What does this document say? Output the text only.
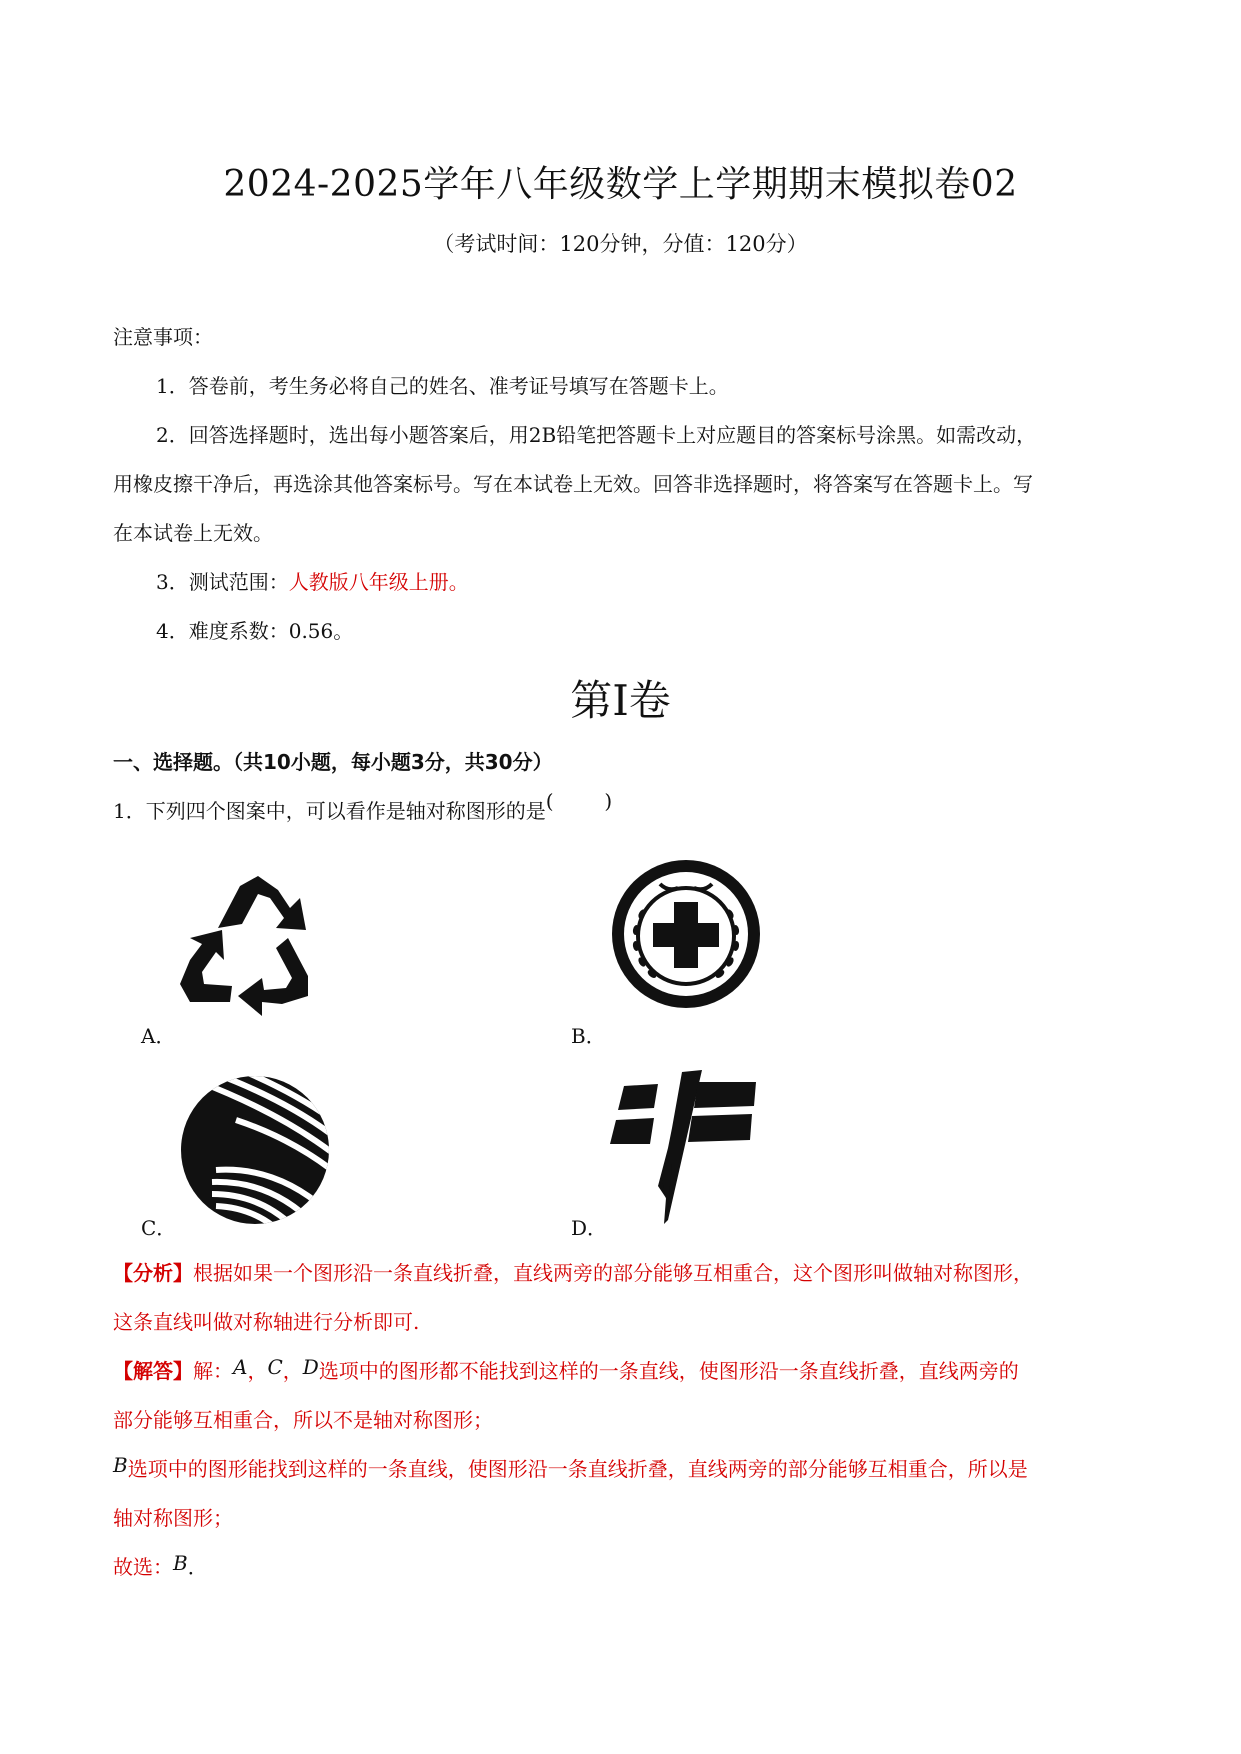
2024-2025学年八年级数学上学期期末模拟卷02
（考试时间：120分钟，分值：120分）
注意事项：
1．答卷前，考生务必将自己的姓名、准考证号填写在答题卡上。
2．回答选择题时，选出每小题答案后，用2B铅笔把答题卡上对应题目的答案标号涂黑。如需改动，
用橡皮擦干净后，再选涂其他答案标号。写在本试卷上无效。回答非选择题时，将答案写在答题卡上。写
在本试卷上无效。
3．测试范围：人教版八年级上册。
4．难度系数：0.56。
第Ⅰ卷
一、选择题。（共10小题，每小题3分，共30分）
1．下列四个图案中，可以看作是轴对称图形的是(        )
A．	B．
C．	D．
【分析】根据如果一个图形沿一条直线折叠，直线两旁的部分能够互相重合，这个图形叫做轴对称图形，
这条直线叫做对称轴进行分析即可.
【解答】解：A，C，D选项中的图形都不能找到这样的一条直线，使图形沿一条直线折叠，直线两旁的
部分能够互相重合，所以不是轴对称图形；
B选项中的图形能找到这样的一条直线，使图形沿一条直线折叠，直线两旁的部分能够互相重合，所以是
轴对称图形；
故选：B．
